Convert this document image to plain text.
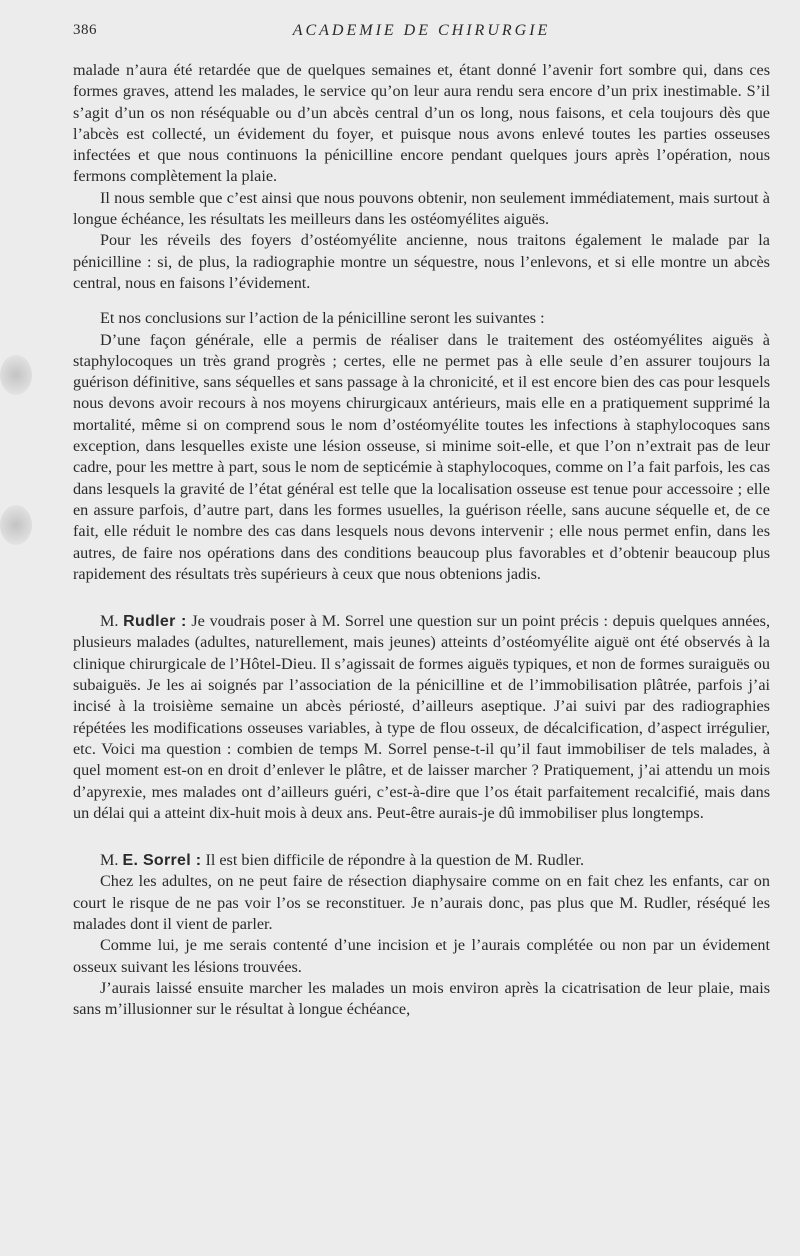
386	ACADEMIE DE CHIRURGIE

malade n’aura été retardée que de quelques semaines et, étant donné l’avenir fort sombre qui, dans ces formes graves, attend les malades, le service qu’on leur aura rendu sera encore d’un prix inestimable. S’il s’agit d’un os non réséquable ou d’un abcès central d’un os long, nous faisons, et cela toujours dès que l’abcès est collecté, un évidement du foyer, et puisque nous avons enlevé toutes les parties osseuses infectées et que nous continuons la pénicilline encore pendant quelques jours après l’opération, nous fermons complètement la plaie.

Il nous semble que c’est ainsi que nous pouvons obtenir, non seulement immédiatement, mais surtout à longue échéance, les résultats les meilleurs dans les ostéomyélites aiguës.

Pour les réveils des foyers d’ostéomyélite ancienne, nous traitons également le malade par la pénicilline : si, de plus, la radiographie montre un séquestre, nous l’enlevons, et si elle montre un abcès central, nous en faisons l’évidement.

Et nos conclusions sur l’action de la pénicilline seront les suivantes :

D’une façon générale, elle a permis de réaliser dans le traitement des ostéomyélites aiguës à staphylocoques un très grand progrès ; certes, elle ne permet pas à elle seule d’en assurer toujours la guérison définitive, sans séquelles et sans passage à la chronicité, et il est encore bien des cas pour lesquels nous devons avoir recours à nos moyens chirurgicaux antérieurs, mais elle en a pratiquement supprimé la mortalité, même si on comprend sous le nom d’ostéomyélite toutes les infections à staphylocoques sans exception, dans lesquelles existe une lésion osseuse, si minime soit-elle, et que l’on n’extrait pas de leur cadre, pour les mettre à part, sous le nom de septicémie à staphylocoques, comme on l’a fait parfois, les cas dans lesquels la gravité de l’état général est telle que la localisation osseuse est tenue pour accessoire ; elle en assure parfois, d’autre part, dans les formes usuelles, la guérison réelle, sans aucune séquelle et, de ce fait, elle réduit le nombre des cas dans lesquels nous devons intervenir ; elle nous permet enfin, dans les autres, de faire nos opérations dans des conditions beaucoup plus favorables et d’obtenir beaucoup plus rapidement des résultats très supérieurs à ceux que nous obtenions jadis.

M. Rudler : Je voudrais poser à M. Sorrel une question sur un point précis : depuis quelques années, plusieurs malades (adultes, naturellement, mais jeunes) atteints d’ostéomyélite aiguë ont été observés à la clinique chirurgicale de l’Hôtel-Dieu. Il s’agissait de formes aiguës typiques, et non de formes suraiguës ou subaiguës. Je les ai soignés par l’association de la pénicilline et de l’immobilisation plâtrée, parfois j’ai incisé à la troisième semaine un abcès périosté, d’ailleurs aseptique. J’ai suivi par des radiographies répétées les modifications osseuses variables, à type de flou osseux, de décalcification, d’aspect irrégulier, etc. Voici ma question : combien de temps M. Sorrel pense-t-il qu’il faut immobiliser de tels malades, à quel moment est-on en droit d’enlever le plâtre, et de laisser marcher ? Pratiquement, j’ai attendu un mois d’apyrexie, mes malades ont d’ailleurs guéri, c’est-à-dire que l’os était parfaitement recalcifié, mais dans un délai qui a atteint dix-huit mois à deux ans. Peut-être aurais-je dû immobiliser plus longtemps.

M. E. Sorrel : Il est bien difficile de répondre à la question de M. Rudler.

Chez les adultes, on ne peut faire de résection diaphysaire comme on en fait chez les enfants, car on court le risque de ne pas voir l’os se reconstituer. Je n’aurais donc, pas plus que M. Rudler, réséqué les malades dont il vient de parler.

Comme lui, je me serais contenté d’une incision et je l’aurais complétée ou non par un évidement osseux suivant les lésions trouvées.

J’aurais laissé ensuite marcher les malades un mois environ après la cicatrisation de leur plaie, mais sans m’illusionner sur le résultat à longue échéance,
